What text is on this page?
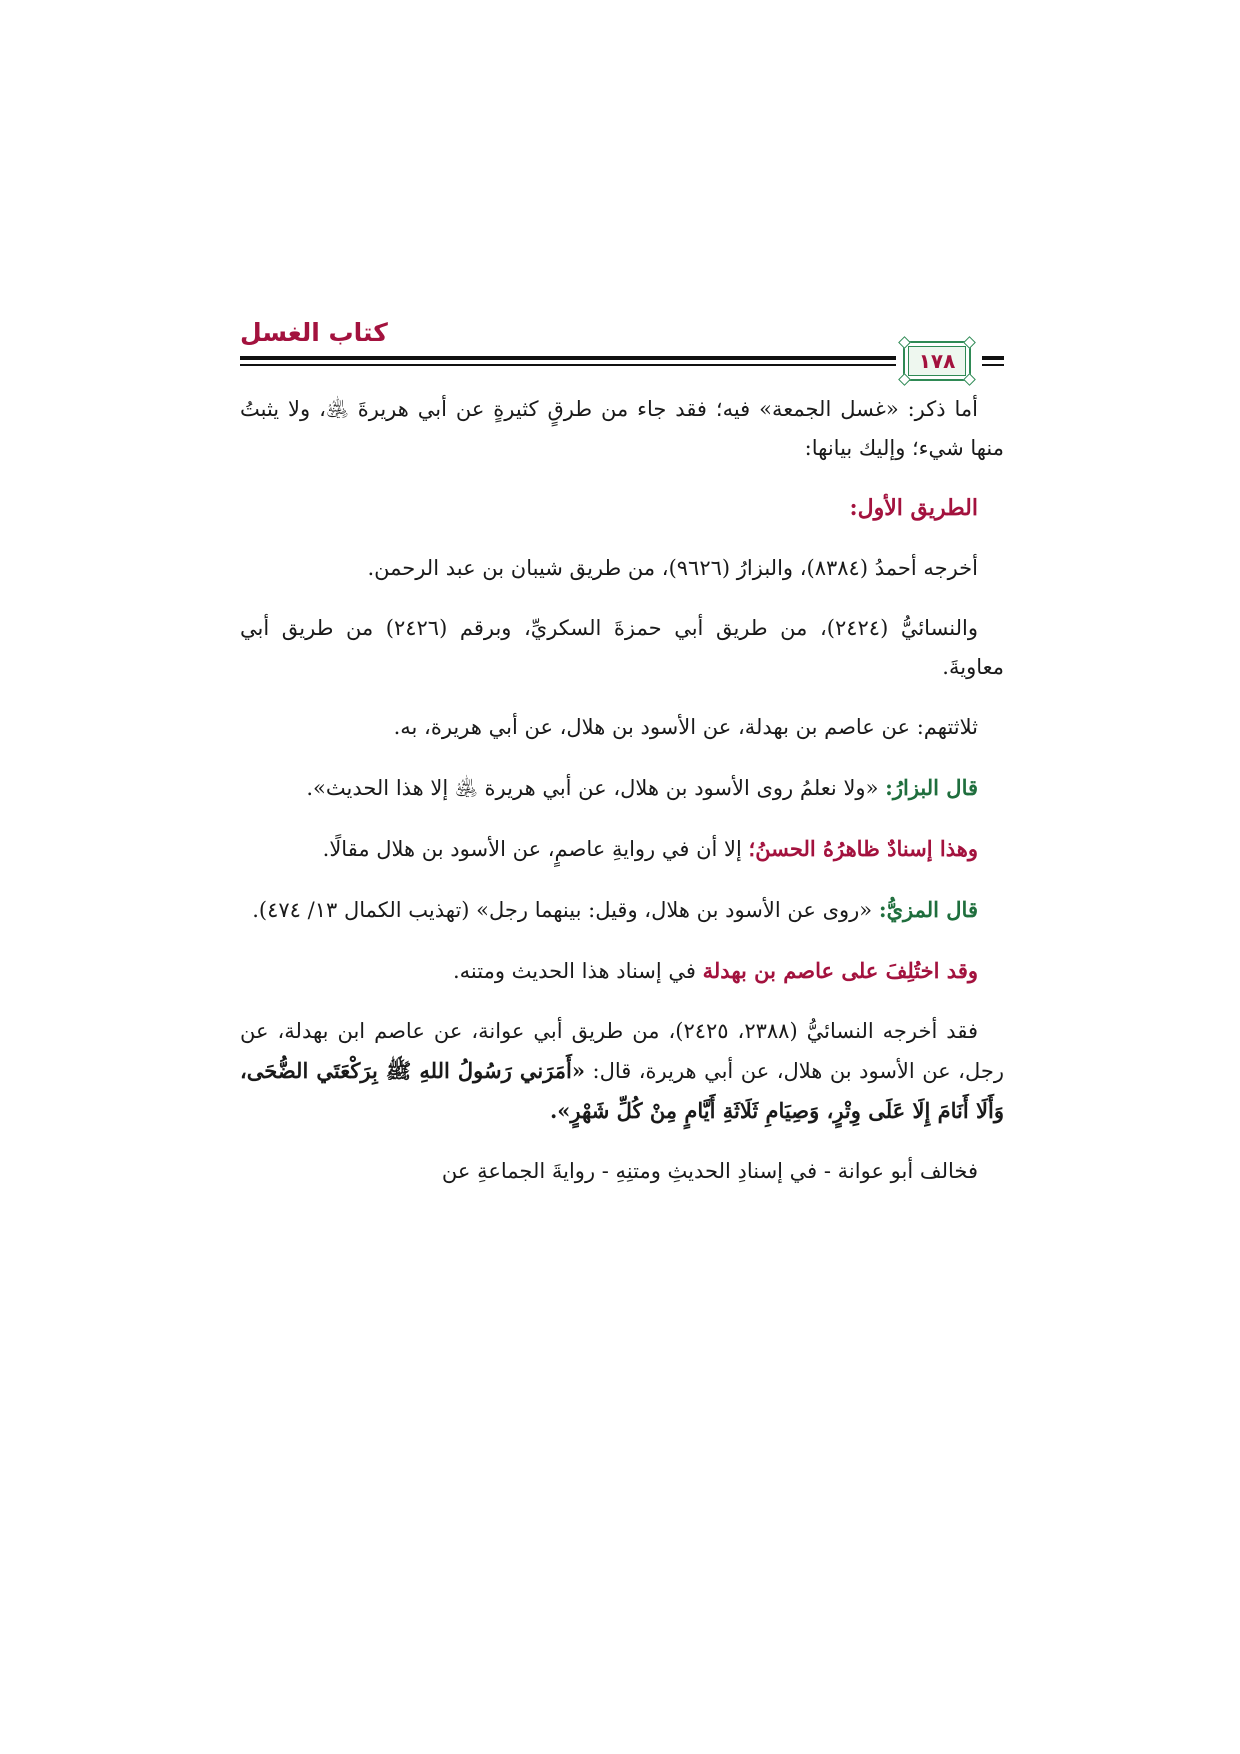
كتاب الغسل
١٧٨

أما ذكر: «غسل الجمعة» فيه؛ فقد جاء من طرقٍ كثيرةٍ عن أبي هريرةَ ﵁، ولا يثبتُ منها شيء؛ وإليك بيانها:

الطريق الأول:

أخرجه أحمدُ (٨٣٨٤)، والبزارُ (٩٦٢٦)، من طريق شيبان بن عبد الرحمن.

والنسائيُّ (٢٤٢٤)، من طريق أبي حمزةَ السكريِّ، وبرقم (٢٤٢٦) من طريق أبي معاويةَ.

ثلاثتهم: عن عاصم بن بهدلة، عن الأسود بن هلال، عن أبي هريرة، به.

قال البزارُ: «ولا نعلمُ روى الأسود بن هلال، عن أبي هريرة ﵁ إلا هذا الحديث».

وهذا إسنادٌ ظاهرُهُ الحسنُ؛ إلا أن في روايةِ عاصمٍ، عن الأسود بن هلال مقالًا.

قال المزيُّ: «روى عن الأسود بن هلال، وقيل: بينهما رجل» (تهذيب الكمال ١٣/ ٤٧٤).

وقد اختُلِفَ على عاصم بن بهدلة في إسناد هذا الحديث ومتنه.

فقد أخرجه النسائيُّ (٢٣٨٨، ٢٤٢٥)، من طريق أبي عوانة، عن عاصم ابن بهدلة، عن رجل، عن الأسود بن هلال، عن أبي هريرة، قال: «أَمَرَني رَسُولُ اللهِ ﷺ بِرَكْعَتَي الضُّحَى، وَأَلَا أَنَامَ إِلَا عَلَى وِتْرٍ، وَصِيَامِ ثَلَاثَةِ أَيَّامٍ مِنْ كُلِّ شَهْرٍ».

فخالف أبو عوانة - في إسنادِ الحديثِ ومتنِهِ - روايةَ الجماعةِ عن
